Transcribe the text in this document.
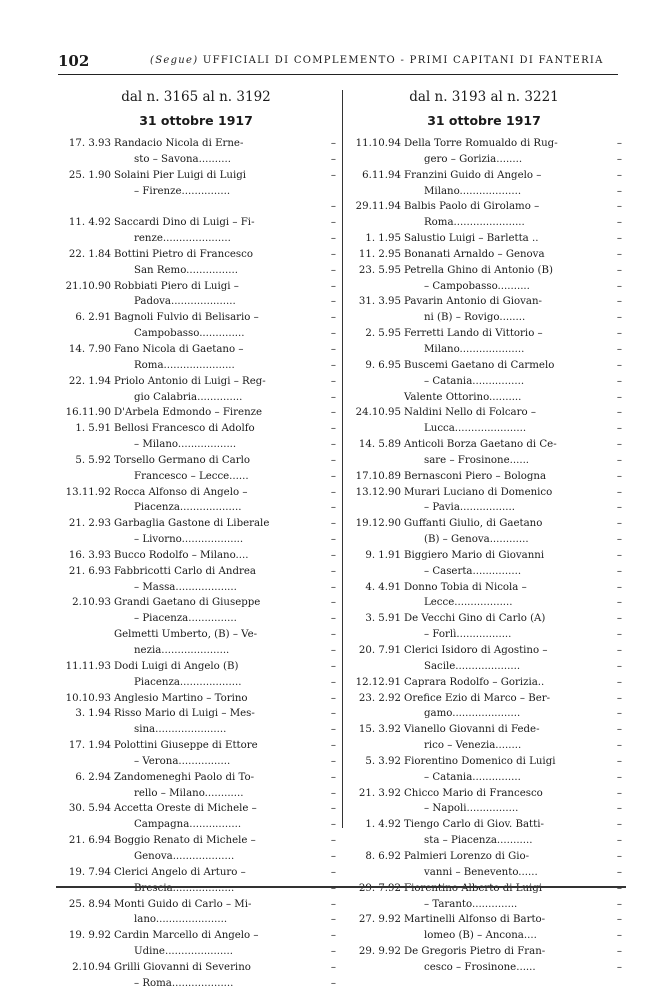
102	(Segue) UFFICIALI DI COMPLEMENTO - PRIMI CAPITANI DI FANTERIA
dal n. 3165 al n. 3192
31 ottobre 1917
17. 3.93 Randacio Nicola di Erne-	–
sto – Savona..........	–
25. 1.90 Solaini Pier Luigi di Luigi	–
– Firenze...............
–
11. 4.92 Saccardi Dino di Luigi – Fi-	–
renze.....................	–
22. 1.84 Bottini Pietro di Francesco	–
San Remo................	–
21.10.90 Robbiati Piero di Luigi –	–
Padova....................	–
6. 2.91 Bagnoli Fulvio di Belisario –	–
Campobasso..............	–
14. 7.90 Fano Nicola di Gaetano –	–
Roma......................	–
22. 1.94 Priolo Antonio di Luigi – Reg-	–
gio Calabria..............	–
16.11.90 D'Arbela Edmondo – Firenze	–
1. 5.91 Bellosi Francesco di Adolfo	–
– Milano..................	–
5. 5.92 Torsello Germano di Carlo	–
Francesco – Lecce......	–
13.11.92 Rocca Alfonso di Angelo –	–
Piacenza...................	–
21. 2.93 Garbaglia Gastone di Liberale	–
– Livorno...................	–
16. 3.93 Bucco Rodolfo – Milano....	–
21. 6.93 Fabbricotti Carlo di Andrea	–
– Massa...................	–
2.10.93 Grandi Gaetano di Giuseppe	–
– Piacenza...............	–
Gelmetti Umberto, (B) – Ve-	–
nezia.....................	–
11.11.93 Dodi Luigi di Angelo (B)	–
Piacenza...................	–
10.10.93 Anglesio Martino – Torino	–
3. 1.94 Risso Mario di Luigi – Mes-	–
sina......................	–
17. 1.94 Polottini Giuseppe di Ettore	–
– Verona................	–
6. 2.94 Zandomeneghi Paolo di To-	–
rello – Milano............	–
30. 5.94 Accetta Oreste di Michele –	–
Campagna................	–
21. 6.94 Boggio Renato di Michele –	–
Genova...................	–
19. 7.94 Clerici Angelo di Arturo –	–
Brescia...................	–
25. 8.94 Monti Guido di Carlo – Mi-	–
lano......................	–
19. 9.92 Cardin Marcello di Angelo –	–
Udine.....................	–
2.10.94 Grilli Giovanni di Severino	–
– Roma...................	–
dal n. 3193 al n. 3221
31 ottobre 1917
11.10.94 Della Torre Romualdo di Rug-	–
gero – Gorizia........	–
6.11.94 Franzini Guido di Angelo –	–
Milano...................	–
29.11.94 Balbis Paolo di Girolamo –	–
Roma......................	–
1. 1.95 Salustio Luigi – Barletta ..	–
11. 2.95 Bonanati Arnaldo – Genova	–
23. 5.95 Petrella Ghino di Antonio (B)	–
– Campobasso..........	–
31. 3.95 Pavarin Antonio di Giovan-	–
ni (B) – Rovigo........	–
2. 5.95 Ferretti Lando di Vittorio –	–
Milano....................	–
9. 6.95 Buscemi Gaetano di Carmelo	–
– Catania................	–
Valente Ottorino..........	–
24.10.95 Naldini Nello di Folcaro –	–
Lucca......................	–
14. 5.89 Anticoli Borza Gaetano di Ce-	–
sare – Frosinone......	–
17.10.89 Bernasconi Piero – Bologna	–
13.12.90 Murari Luciano di Domenico	–
– Pavia.................	–
19.12.90 Guffanti Giulio, di Gaetano	–
(B) – Genova............	–
9. 1.91 Biggiero Mario di Giovanni	–
– Caserta...............	–
4. 4.91 Donno Tobia di Nicola –	–
Lecce..................	–
3. 5.91 De Vecchi Gino di Carlo (A)	–
– Forlì.................	–
20. 7.91 Clerici Isidoro di Agostino –	–
Sacile....................	–
12.12.91 Caprara Rodolfo – Gorizia..	–
23. 2.92 Orefice Ezio di Marco – Ber-	–
gamo.....................	–
15. 3.92 Vianello Giovanni di Fede-	–
rico – Venezia........	–
5. 3.92 Fiorentino Domenico di Luigi	–
– Catania...............	–
21. 3.92 Chicco Mario di Francesco	–
– Napoli................	–
1. 4.92 Tiengo Carlo di Giov. Batti-	–
sta – Piacenza...........	–
8. 6.92 Palmieri Lorenzo di Gio-	–
vanni – Benevento......	–
29. 7.92 Fiorentino Alberto di Luigi	–
– Taranto..............	–
27. 9.92 Martinelli Alfonso di Barto-	–
lomeo (B) – Ancona....	–
29. 9.92 De Gregoris Pietro di Fran-	–
cesco – Frosinone......	–
